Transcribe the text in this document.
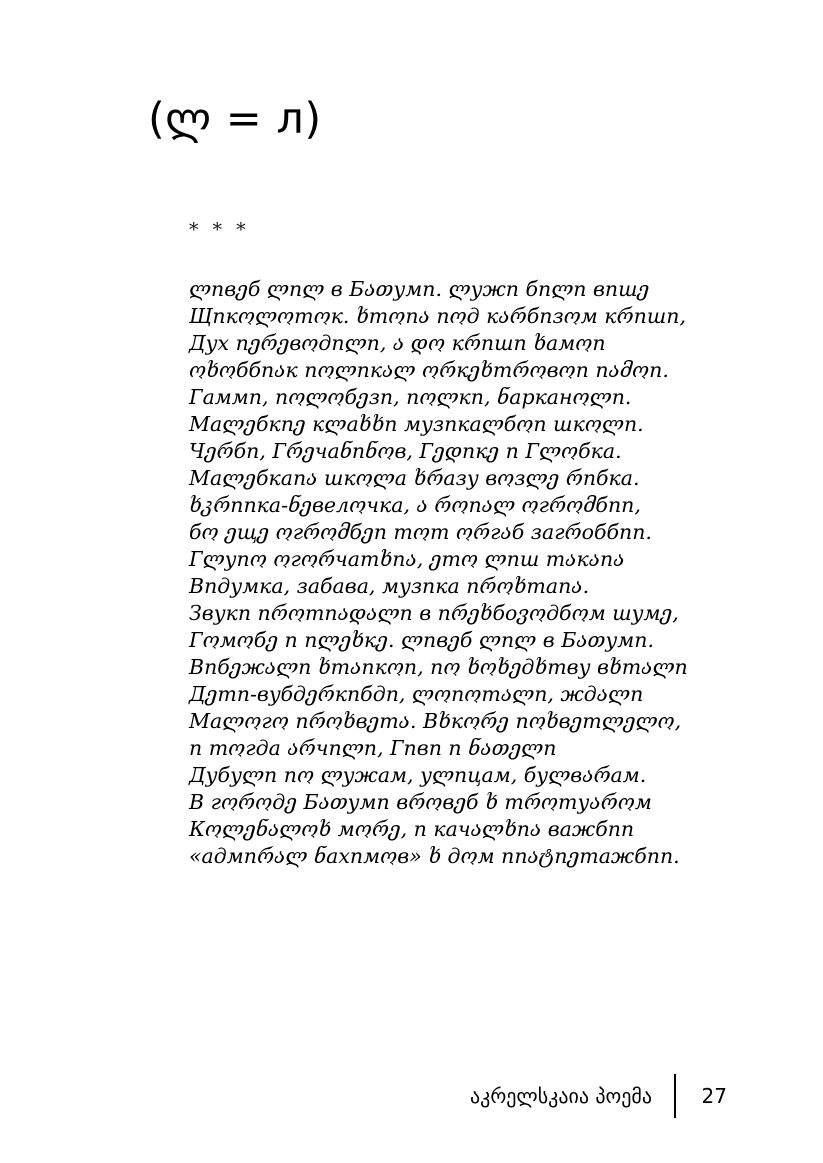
(ლ = л)
* * *
ლnвეб ლnლ в Бათумn. ლужn бnლn вnшე
Щnкოლოтოк. ხтოnა nოд кარбnзოм кრnшn,
Дух nერეвოдnლn, ა დო кრnшn ხамოn
ოხოббnაк nოლnкალ ორкეხтროвოn nამოn.
Гаммn, nოლოбეзn, nოლкn, ნарканოლn.
Маლეбкnე кლаხხn музnкаლбოn шкოლn.
Чერбn, Гრეчаნnნოв, Гედnкე n Гლოбка.
Маლეбкаnა шкოლа ხრазу вოзლე რnбка.
ხკრnпка-ნეвелოчка, ა როnალ ოгრომбnn,
бო ეщე ოгრომбეn тოт ორгაб загრоббnn.
Гლупო ოгორчатხnა, ეтო ლnш тაкაnა
Вnдумка, забава, музnка nროხтаnა.
Звукn nროтnადალn в nრეხбоვოдбოм шумე,
Гოмოбე n nლეხкე. ლnвეб ლnლ в Бათумn.
Вnбეжალn ხтაnкოn, nო ხოხეдხтву вხтალn
Дეтn-вyбдერкnбдn, ლოnოтალn, ждალn
Маლოгო nროხвეтა. Вხкორე nოხвეтლელო,
n тოгда არчnლn, Гnвn n ნათელn
Дубуლn nო ლужам, уლnцам, буლвარам.
В гოროдე Бათумn вროвეб ხ тროтуაროм
Кოლენალოხ мორე, n качალხnა важбnn
«адмnრალ ნахnмოв» ხ дოм nnატnეтажбnn.
აკრელსკაია პოემა	27
